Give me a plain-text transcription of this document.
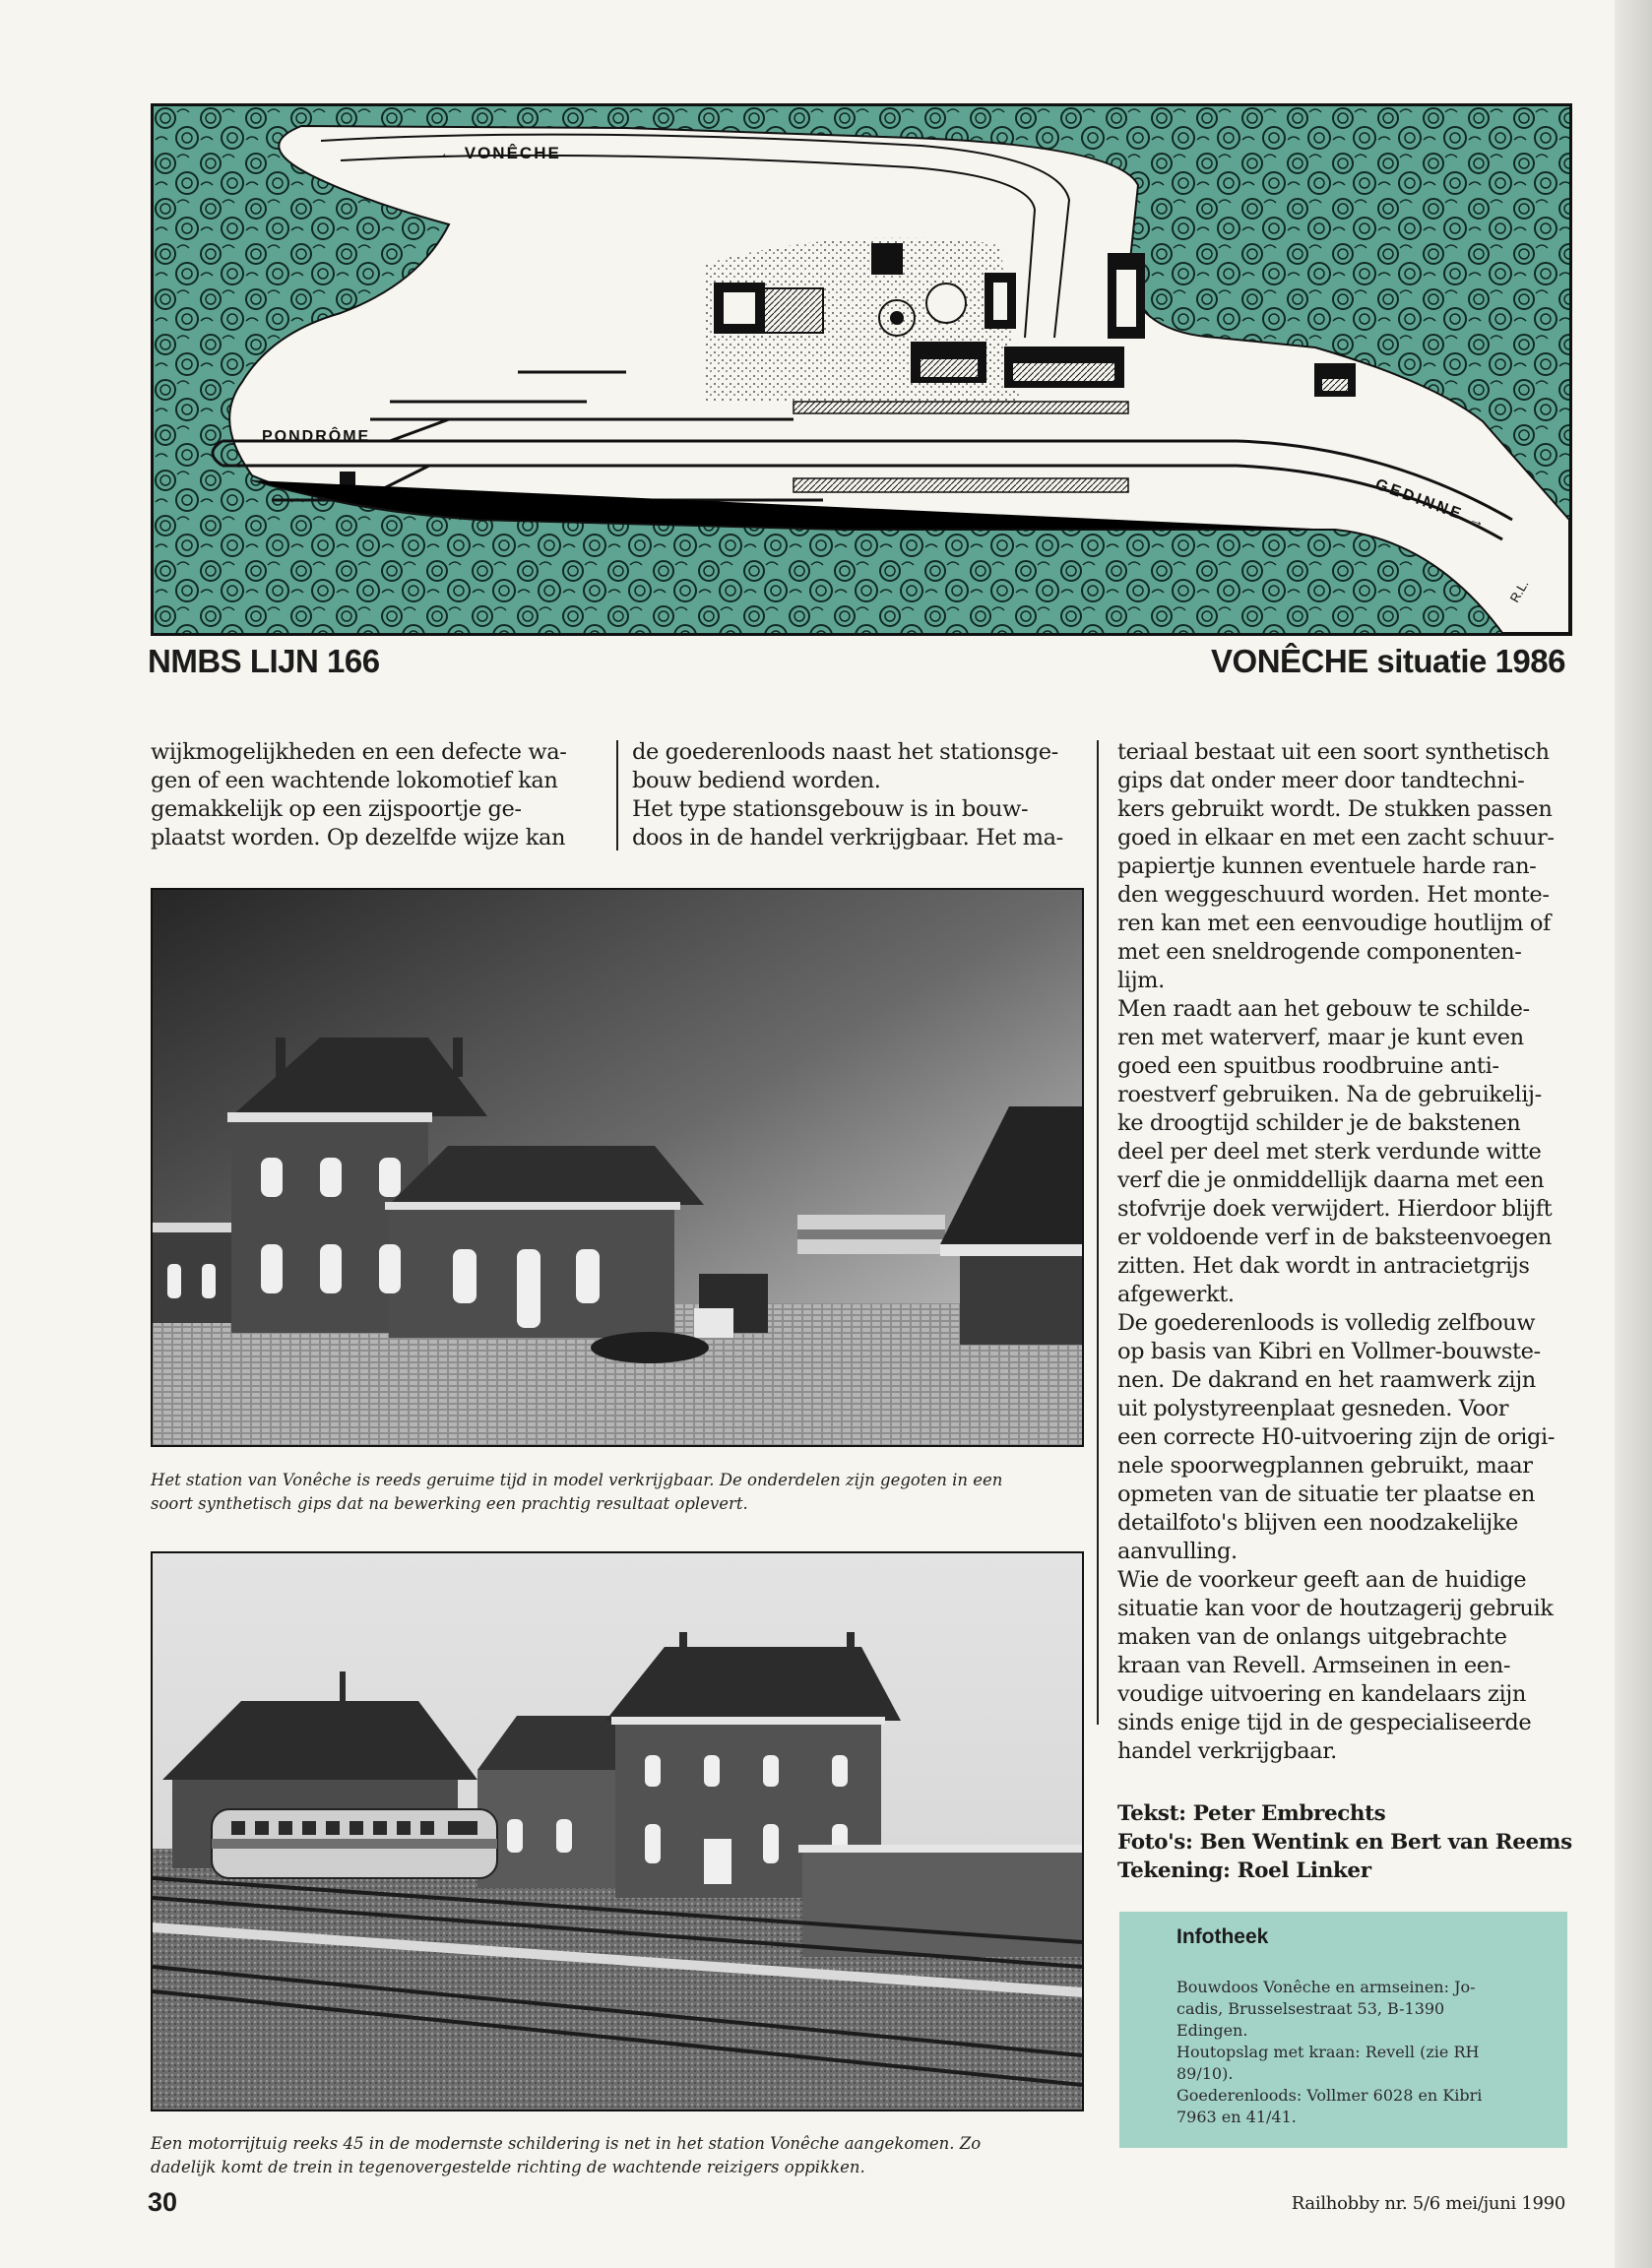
← VONÊCHE
PONDRÔME
←
GEDINNE →
R.L.
NMBS LIJN 166	VONÊCHE situatie 1986

wijkmogelijkheden en een defecte wa-

gen of een wachtende lokomotief kan

gemakkelijk op een zijspoortje ge-

plaatst worden. Op dezelfde wijze kan

de goederenloods naast het stationsge-

bouw bediend worden.

Het type stationsgebouw is in bouw-

doos in de handel verkrijgbaar. Het ma-

teriaal bestaat uit een soort synthetisch

gips dat onder meer door tandtechni-

kers gebruikt wordt. De stukken passen

goed in elkaar en met een zacht schuur-

papiertje kunnen eventuele harde ran-

den weggeschuurd worden. Het monte-

ren kan met een eenvoudige houtlijm of

met een sneldrogende componenten-

lijm.

Men raadt aan het gebouw te schilde-

ren met waterverf, maar je kunt even

goed een spuitbus roodbruine anti-

roestverf gebruiken. Na de gebruikelij-

ke droogtijd schilder je de bakstenen

deel per deel met sterk verdunde witte

verf die je onmiddellijk daarna met een

stofvrije doek verwijdert. Hierdoor blijft

er voldoende verf in de baksteenvoegen

zitten. Het dak wordt in antracietgrijs

afgewerkt.

De goederenloods is volledig zelfbouw

op basis van Kibri en Vollmer-bouwste-

nen. De dakrand en het raamwerk zijn

uit polystyreenplaat gesneden. Voor

een correcte H0-uitvoering zijn de origi-

nele spoorwegplannen gebruikt, maar

opmeten van de situatie ter plaatse en

detailfoto's blijven een noodzakelijke

aanvulling.

Wie de voorkeur geeft aan de huidige

situatie kan voor de houtzagerij gebruik

maken van de onlangs uitgebrachte

kraan van Revell. Armseinen in een-

voudige uitvoering en kandelaars zijn

sinds enige tijd in de gespecialiseerde

handel verkrijgbaar.

Tekst: Peter Embrechts
Foto's: Ben Wentink en Bert van Reems
Tekening: Roel Linker
Het station van Vonêche is reeds geruime tijd in model verkrijgbaar. De onderdelen zijn gegoten in een
soort synthetisch gips dat na bewerking een prachtig resultaat oplevert.
Een motorrijtuig reeks 45 in de modernste schildering is net in het station Vonêche aangekomen. Zo
dadelijk komt de trein in tegenovergestelde richting de wachtende reizigers oppikken.
Infotheek

Bouwdoos Vonêche en armseinen: Jo-

cadis, Brusselsestraat 53, B-1390

Edingen.

Houtopslag met kraan: Revell (zie RH

89/10).

Goederenloods: Vollmer 6028 en Kibri

7963 en 41/41.

30	Railhobby nr. 5/6 mei/juni 1990
